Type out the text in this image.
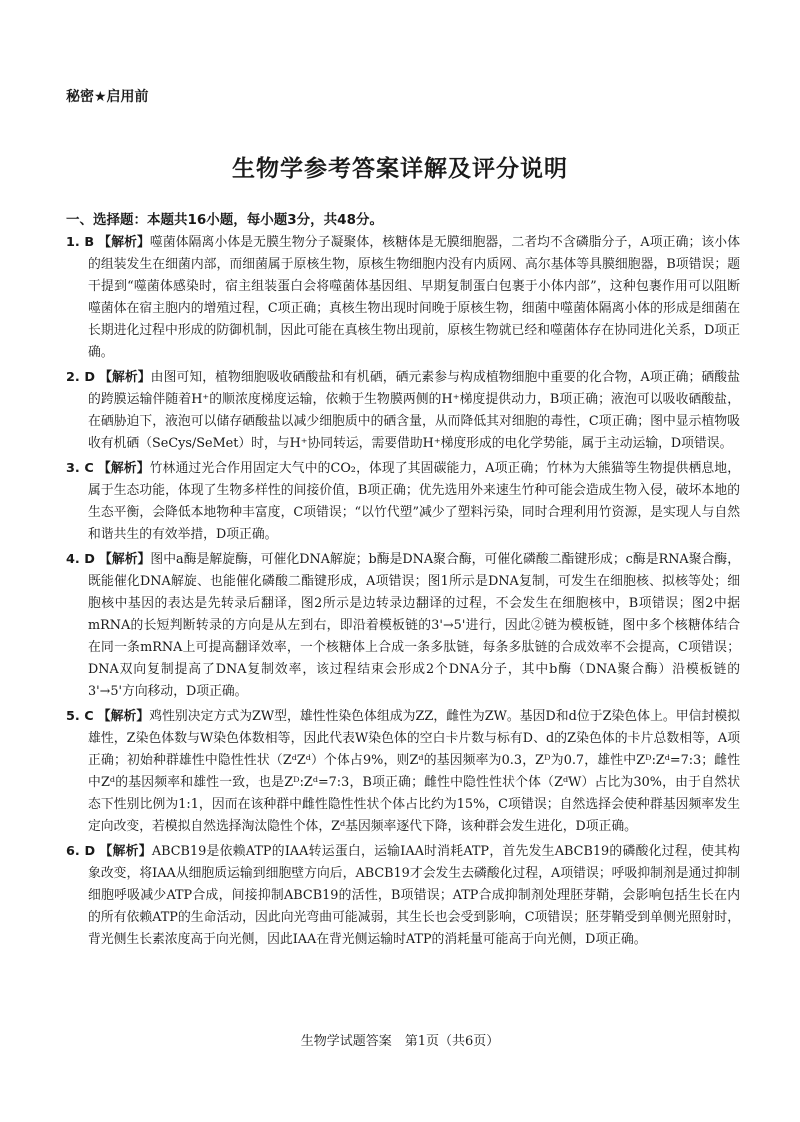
秘密★启用前
生物学参考答案详解及评分说明
一、选择题：本题共16小题，每小题3分，共48分。

1. B 【解析】噬菌体隔离小体是无膜生物分子凝聚体，核糖体是无膜细胞器，二者均不含磷脂分子，A项正确；该小体的组装发生在细菌内部，而细菌属于原核生物，原核生物细胞内没有内质网、高尔基体等具膜细胞器，B项错误；题干提到“噬菌体感染时，宿主组装蛋白会将噬菌体基因组、早期复制蛋白包裹于小体内部”，这种包裹作用可以阻断噬菌体在宿主胞内的增殖过程，C项正确；真核生物出现时间晚于原核生物，细菌中噬菌体隔离小体的形成是细菌在长期进化过程中形成的防御机制，因此可能在真核生物出现前，原核生物就已经和噬菌体存在协同进化关系，D项正确。

2. D 【解析】由图可知，植物细胞吸收硒酸盐和有机硒，硒元素参与构成植物细胞中重要的化合物，A项正确；硒酸盐的跨膜运输伴随着H⁺的顺浓度梯度运输，依赖于生物膜两侧的H⁺梯度提供动力，B项正确；液泡可以吸收硒酸盐，在硒胁迫下，液泡可以储存硒酸盐以减少细胞质中的硒含量，从而降低其对细胞的毒性，C项正确；图中显示植物吸收有机硒（SeCys/SeMet）时，与H⁺协同转运，需要借助H⁺梯度形成的电化学势能，属于主动运输，D项错误。

3. C 【解析】竹林通过光合作用固定大气中的CO₂，体现了其固碳能力，A项正确；竹林为大熊猫等生物提供栖息地，属于生态功能，体现了生物多样性的间接价值，B项正确；优先选用外来速生竹种可能会造成生物入侵，破坏本地的生态平衡，会降低本地物种丰富度，C项错误；“以竹代塑”减少了塑料污染，同时合理利用竹资源，是实现人与自然和谐共生的有效举措，D项正确。

4. D 【解析】图中a酶是解旋酶，可催化DNA解旋；b酶是DNA聚合酶，可催化磷酸二酯键形成；c酶是RNA聚合酶，既能催化DNA解旋、也能催化磷酸二酯键形成，A项错误；图1所示是DNA复制，可发生在细胞核、拟核等处；细胞核中基因的表达是先转录后翻译，图2所示是边转录边翻译的过程，不会发生在细胞核中，B项错误；图2中据mRNA的长短判断转录的方向是从左到右，即沿着模板链的3'→5'进行，因此②链为模板链，图中多个核糖体结合在同一条mRNA上可提高翻译效率，一个核糖体上合成一条多肽链，每条多肽链的合成效率不会提高，C项错误；DNA双向复制提高了DNA复制效率，该过程结束会形成2个DNA分子，其中b酶（DNA聚合酶）沿模板链的3'→5'方向移动，D项正确。

5. C 【解析】鸡性别决定方式为ZW型，雄性性染色体组成为ZZ，雌性为ZW。基因D和d位于Z染色体上。甲信封模拟雄性，Z染色体数与W染色体数相等，因此代表W染色体的空白卡片数与标有D、d的Z染色体的卡片总数相等，A项正确；初始种群雄性中隐性性状（ZᵈZᵈ）个体占9%，则Zᵈ的基因频率为0.3，Zᴰ为0.7，雄性中Zᴰ:Zᵈ=7:3；雌性中Zᵈ的基因频率和雄性一致，也是Zᴰ:Zᵈ=7:3，B项正确；雌性中隐性性状个体（ZᵈW）占比为30%，由于自然状态下性别比例为1:1，因而在该种群中雌性隐性性状个体占比约为15%，C项错误；自然选择会使种群基因频率发生定向改变，若模拟自然选择淘汰隐性个体，Zᵈ基因频率逐代下降，该种群会发生进化，D项正确。

6. D 【解析】ABCB19是依赖ATP的IAA转运蛋白，运输IAA时消耗ATP，首先发生ABCB19的磷酸化过程，使其构象改变，将IAA从细胞质运输到细胞壁方向后，ABCB19才会发生去磷酸化过程，A项错误；呼吸抑制剂是通过抑制细胞呼吸减少ATP合成，间接抑制ABCB19的活性，B项错误；ATP合成抑制剂处理胚芽鞘，会影响包括生长在内的所有依赖ATP的生命活动，因此向光弯曲可能减弱，其生长也会受到影响，C项错误；胚芽鞘受到单侧光照射时，背光侧生长素浓度高于向光侧，因此IAA在背光侧运输时ATP的消耗量可能高于向光侧，D项正确。

生物学试题答案　第1页（共6页）
